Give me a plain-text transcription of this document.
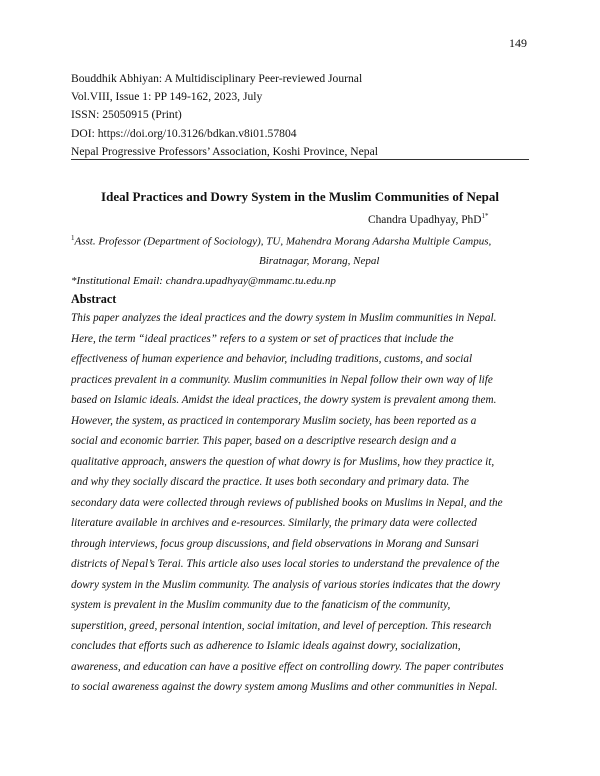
149
Bouddhik Abhiyan: A Multidisciplinary Peer-reviewed Journal
Vol.VIII, Issue 1: PP 149-162, 2023, July
ISSN: 25050915 (Print)
DOI: https://doi.org/10.3126/bdkan.v8i01.57804
Nepal Progressive Professors’ Association, Koshi Province, Nepal
Ideal Practices and Dowry System in the Muslim Communities of Nepal
Chandra Upadhyay, PhD$^{1*}$
$^1$Asst. Professor (Department of Sociology), TU, Mahendra Morang Adarsha Multiple Campus,
Biratnagar, Morang, Nepal
*Institutional Email: chandra.upadhyay@mmamc.tu.edu.np
Abstract
This paper analyzes the ideal practices and the dowry system in Muslim communities in Nepal.
Here, the term “ideal practices” refers to a system or set of practices that include the
effectiveness of human experience and behavior, including traditions, customs, and social
practices prevalent in a community. Muslim communities in Nepal follow their own way of life
based on Islamic ideals. Amidst the ideal practices, the dowry system is prevalent among them.
However, the system, as practiced in contemporary Muslim society, has been reported as a
social and economic barrier. This paper, based on a descriptive research design and a
qualitative approach, answers the question of what dowry is for Muslims, how they practice it,
and why they socially discard the practice. It uses both secondary and primary data. The
secondary data were collected through reviews of published books on Muslims in Nepal, and the
literature available in archives and e-resources. Similarly, the primary data were collected
through interviews, focus group discussions, and field observations in Morang and Sunsari
districts of Nepal’s Terai. This article also uses local stories to understand the prevalence of the
dowry system in the Muslim community. The analysis of various stories indicates that the dowry
system is prevalent in the Muslim community due to the fanaticism of the community,
superstition, greed, personal intention, social imitation, and level of perception. This research
concludes that efforts such as adherence to Islamic ideals against dowry, socialization,
awareness, and education can have a positive effect on controlling dowry. The paper contributes
to social awareness against the dowry system among Muslims and other communities in Nepal.
